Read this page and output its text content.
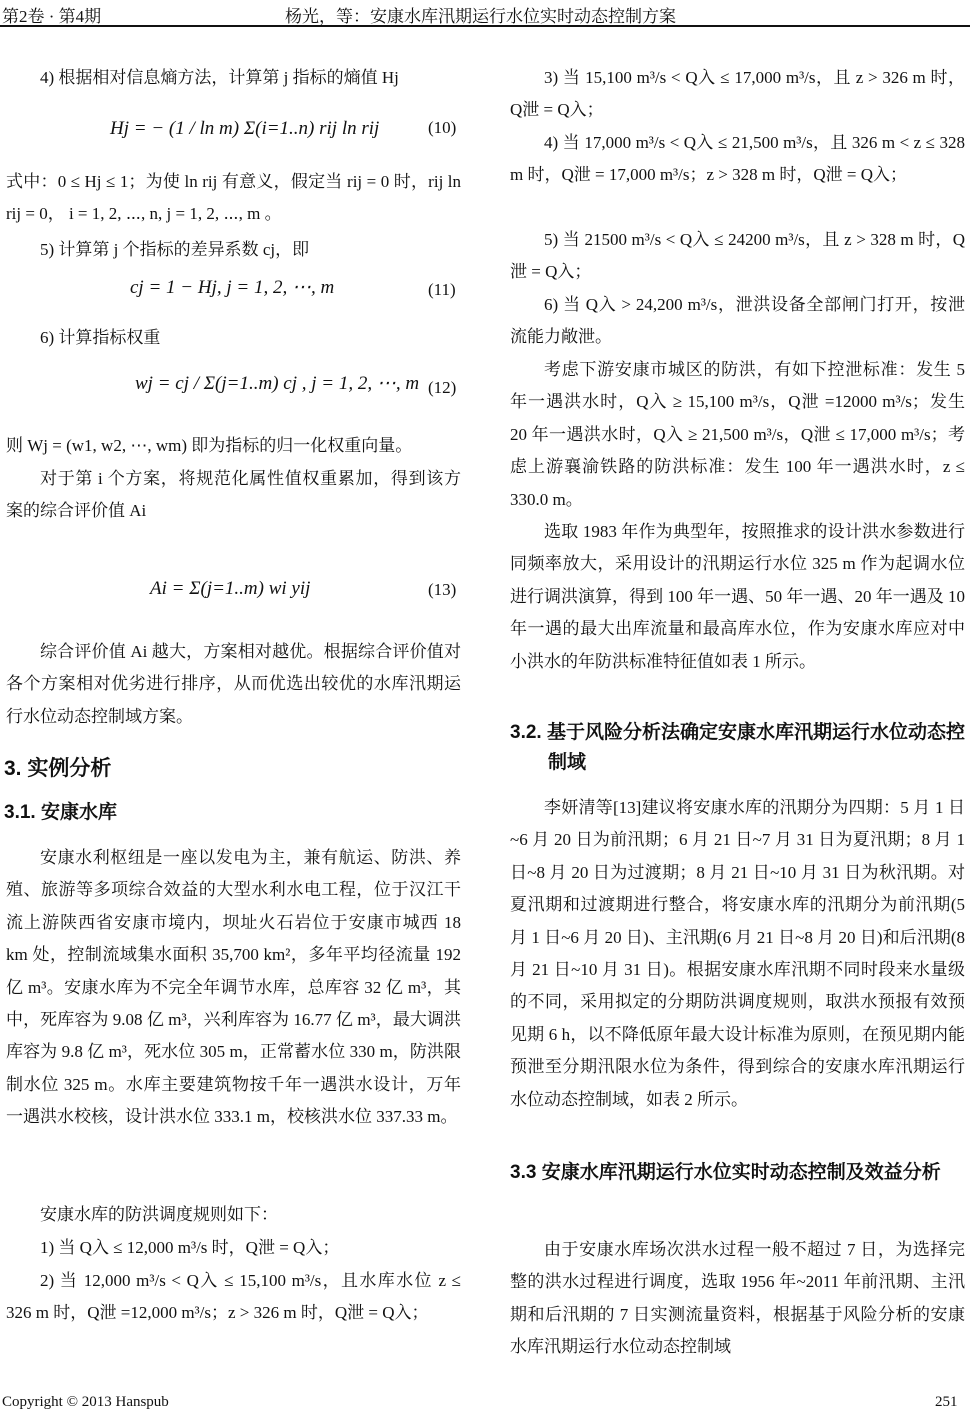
第2卷 · 第4期	杨光，等：安康水库汛期运行水位实时动态控制方案
4) 根据相对信息熵方法，计算第 j 指标的熵值 Hj
Hj = − (1 / ln m) Σ(i=1..n) rij ln rij	(10)
式中：0 ≤ Hj ≤ 1；为使 ln rij 有意义，假定当 rij = 0 时，rij ln rij = 0， i = 1, 2, ⋯, n, j = 1, 2, ⋯, m 。
5) 计算第 j 个指标的差异系数 cj，即
cj = 1 − Hj, j = 1, 2, ⋯, m	(11)
6) 计算指标权重
wj = cj / Σ(j=1..m) cj , j = 1, 2, ⋯, m (12)
则 Wj = (w1, w2, ⋯, wm) 即为指标的归一化权重向量。
对于第 i 个方案，将规范化属性值权重累加，得到该方案的综合评价值 Ai
Ai = Σ(j=1..m) wi yij	(13)
综合评价值 Ai 越大，方案相对越优。根据综合评价值对各个方案相对优劣进行排序，从而优选出较优的水库汛期运行水位动态控制域方案。
3. 实例分析
3.1. 安康水库
安康水利枢纽是一座以发电为主，兼有航运、防洪、养殖、旅游等多项综合效益的大型水利水电工程，位于汉江干流上游陕西省安康市境内，坝址火石岩位于安康市城西 18 km 处，控制流域集水面积 35,700 km²，多年平均径流量 192 亿 m³。安康水库为不完全年调节水库，总库容 32 亿 m³，其中，死库容为 9.08 亿 m³，兴利库容为 16.77 亿 m³，最大调洪库容为 9.8 亿 m³，死水位 305 m，正常蓄水位 330 m，防洪限制水位 325 m。水库主要建筑物按千年一遇洪水设计，万年一遇洪水校核，设计洪水位 333.1 m，校核洪水位 337.33 m。
安康水库的防洪调度规则如下：
1) 当 Q入 ≤ 12,000 m³/s 时，Q泄 = Q入；
2) 当 12,000 m³/s < Q入 ≤ 15,100 m³/s，且水库水位 z ≤ 326 m 时，Q泄 =12,000 m³/s；z > 326 m 时，Q泄 = Q入；
3) 当 15,100 m³/s < Q入 ≤ 17,000 m³/s，且 z > 326 m 时，Q泄 = Q入；
4) 当 17,000 m³/s < Q入 ≤ 21,500 m³/s，且 326 m < z ≤ 328 m 时，Q泄 = 17,000 m³/s；z > 328 m 时，Q泄 = Q入；
5) 当 21500 m³/s < Q入 ≤ 24200 m³/s，且 z > 328 m 时，Q泄 = Q入；
6) 当 Q入 > 24,200 m³/s，泄洪设备全部闸门打开，按泄流能力敞泄。
考虑下游安康市城区的防洪，有如下控泄标准：发生 5 年一遇洪水时，Q入 ≥ 15,100 m³/s，Q泄 =12000 m³/s；发生 20 年一遇洪水时，Q入 ≥ 21,500 m³/s，Q泄 ≤ 17,000 m³/s；考虑上游襄渝铁路的防洪标准：发生 100 年一遇洪水时，z ≤ 330.0 m。
选取 1983 年作为典型年，按照推求的设计洪水参数进行同频率放大，采用设计的汛期运行水位 325 m 作为起调水位进行调洪演算，得到 100 年一遇、50 年一遇、20 年一遇及 10 年一遇的最大出库流量和最高库水位，作为安康水库应对中小洪水的年防洪标准特征值如表 1 所示。
3.2. 基于风险分析法确定安康水库汛期运行水位动态控制域
李妍清等[13]建议将安康水库的汛期分为四期：5 月 1 日~6 月 20 日为前汛期；6 月 21 日~7 月 31 日为夏汛期；8 月 1 日~8 月 20 日为过渡期；8 月 21 日~10 月 31 日为秋汛期。对夏汛期和过渡期进行整合，将安康水库的汛期分为前汛期(5 月 1 日~6 月 20 日)、主汛期(6 月 21 日~8 月 20 日)和后汛期(8 月 21 日~10 月 31 日)。根据安康水库汛期不同时段来水量级的不同，采用拟定的分期防洪调度规则，取洪水预报有效预见期 6 h，以不降低原年最大设计标准为原则，在预见期内能预泄至分期汛限水位为条件，得到综合的安康水库汛期运行水位动态控制域，如表 2 所示。
3.3 安康水库汛期运行水位实时动态控制及效益分析
由于安康水库场次洪水过程一般不超过 7 日，为选择完整的洪水过程进行调度，选取 1956 年~2011 年前汛期、主汛期和后汛期的 7 日实测流量资料，根据基于风险分析的安康水库汛期运行水位动态控制域
Copyright © 2013 Hanspub	251
